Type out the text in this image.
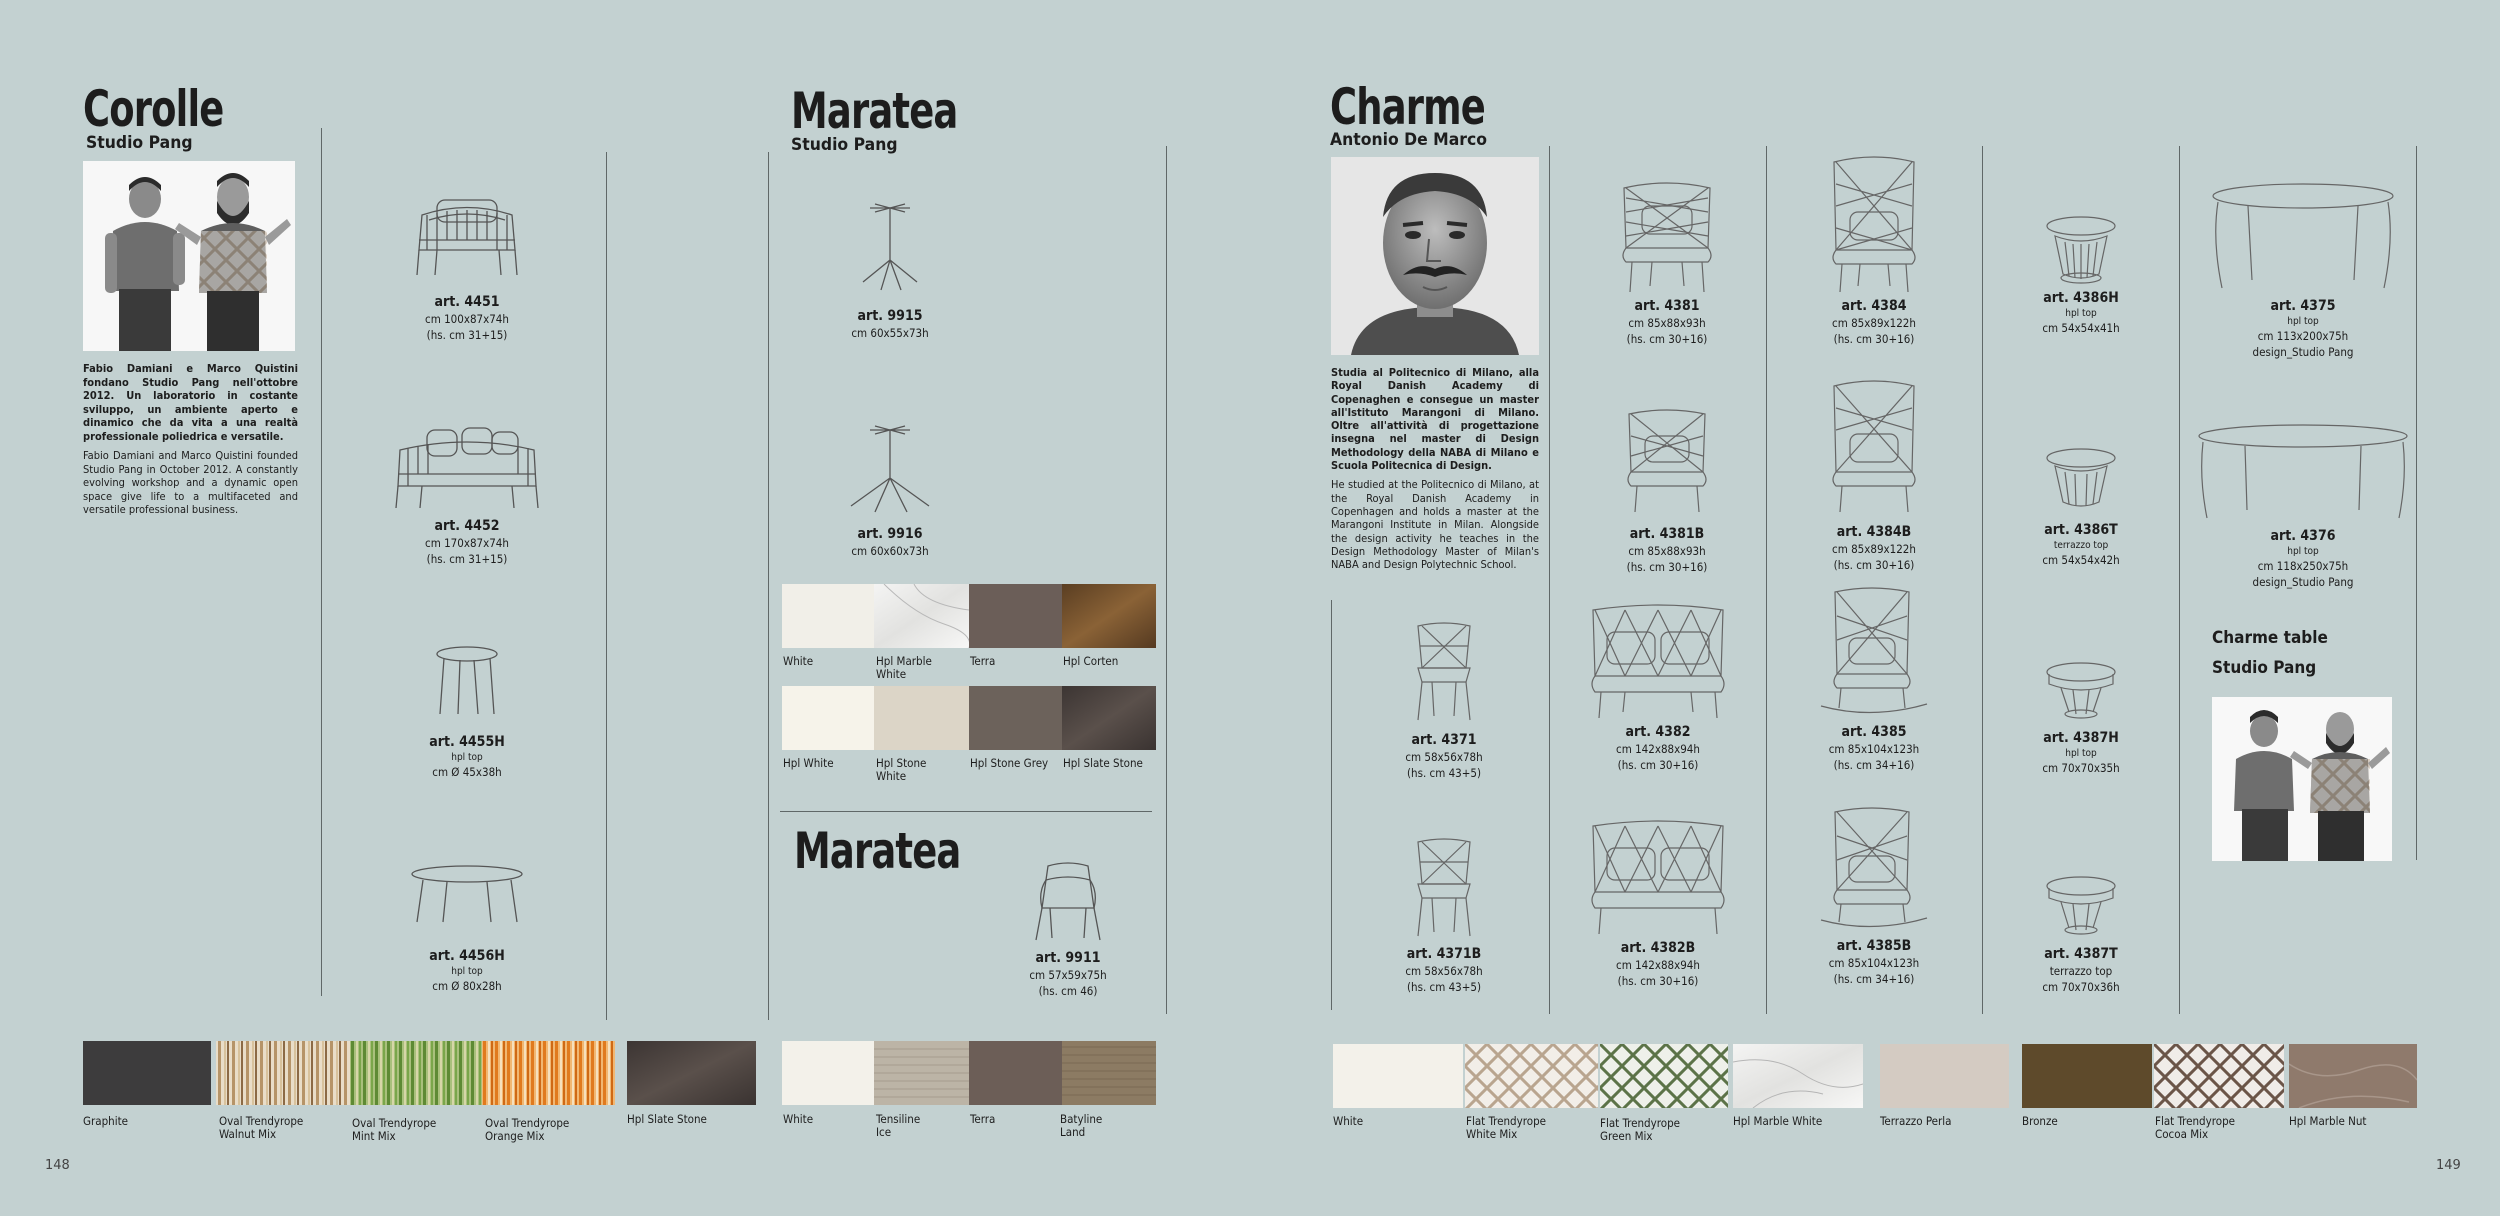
148	149
Corolle
Studio Pang

Fabio Damiani e Marco Quistini fondano Studio Pang nell'ottobre 2012. Un laboratorio in costante sviluppo, un ambiente aperto e dinamico che da vita a una realtà professionale poliedrica e versatile.

Fabio Damiani and Marco Quistini founded Studio Pang in October 2012. A constantly evolving workshop and a dynamic open space give life to a multifaceted and versatile professional business.

art. 4451
cm 100x87x74h
(hs. cm 31+15)
art. 4452
cm 170x87x74h
(hs. cm 31+15)
art. 4455H
hpl top
cm Ø 45x38h
art. 4456H
hpl top
cm Ø 80x28h
Graphite	Oval Trendyrope
Walnut Mix
Oval Trendyrope
Mint Mix
Oval Trendyrope
Orange Mix
Hpl Slate Stone
Maratea
Studio Pang
art. 9915
cm 60x55x73h
art. 9916
cm 60x60x73h
White	Hpl Marble
White
Terra	Hpl Corten
Hpl White	Hpl Stone
White
Hpl Stone Grey Hpl Slate Stone
Maratea
art. 9911
cm 57x59x75h
(hs. cm 46)
White	Tensiline
Ice
Terra	Batyline
Land
Charme
Antonio De Marco

Studia al Politecnico di Milano, alla Royal Danish Academy di Copenaghen e consegue un master all'Istituto Marangoni di Milano. Oltre all'attività di progettazione insegna nel master di Design Methodology della NABA di Milano e Scuola Politecnica di Design.

He studied at the Politecnico di Milano, at the Royal Danish Academy in Copenhagen and holds a master at the Marangoni Institute in Milan. Alongside the design activity he teaches in the Design Methodology Master of Milan's NABA and Design Polytechnic School.

art. 4381
cm 85x88x93h
(hs. cm 30+16)
art. 4384
cm 85x89x122h
(hs. cm 30+16)
art. 4386H
hpl top
cm 54x54x41h
art. 4375
hpl top
cm 113x200x75h
design_Studio Pang
art. 4381B
cm 85x88x93h
(hs. cm 30+16)
art. 4384B
cm 85x89x122h
(hs. cm 30+16)
art. 4386T
terrazzo top
cm 54x54x42h
art. 4376
hpl top
cm 118x250x75h
design_Studio Pang
art. 4371
cm 58x56x78h
(hs. cm 43+5)
art. 4382
cm 142x88x94h
(hs. cm 30+16)
art. 4385
cm 85x104x123h
(hs. cm 34+16)
art. 4387H
hpl top
cm 70x70x35h
art. 4371B
cm 58x56x78h
(hs. cm 43+5)
art. 4382B
cm 142x88x94h
(hs. cm 30+16)
art. 4385B
cm 85x104x123h
(hs. cm 34+16)
art. 4387T
terrazzo top
cm 70x70x36h
Charme table
Studio Pang
White	Flat Trendyrope
White Mix
Flat Trendyrope
Green Mix
Hpl Marble White	Terrazzo Perla	Bronze	Flat Trendyrope
Cocoa Mix
Hpl Marble Nut
